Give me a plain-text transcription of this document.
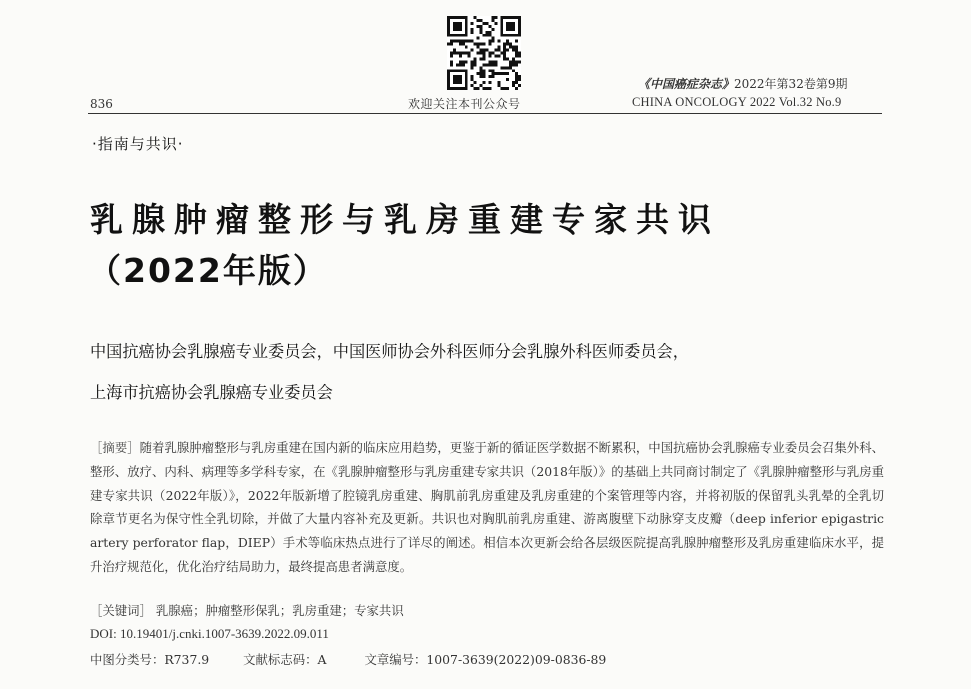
836	欢迎关注本刊公众号
《中国癌症杂志》2022年第32卷第9期
CHINA ONCOLOGY 2022 Vol.32 No.9
·指南与共识·
乳腺肿瘤整形与乳房重建专家共识
（2022年版）
中国抗癌协会乳腺癌专业委员会，中国医师协会外科医师分会乳腺外科医师委员会，
上海市抗癌协会乳腺癌专业委员会
［摘要］随着乳腺肿瘤整形与乳房重建在国内新的临床应用趋势，更鉴于新的循证医学数据不断累积，中国抗癌协会乳腺癌专业委员会召集外科、整形、放疗、内科、病理等多学科专家，在《乳腺肿瘤整形与乳房重建专家共识（2018年版）》的基础上共同商讨制定了《乳腺肿瘤整形与乳房重建专家共识（2022年版）》，2022年版新增了腔镜乳房重建、胸肌前乳房重建及乳房重建的个案管理等内容，并将初版的保留乳头乳晕的全乳切除章节更名为保守性全乳切除，并做了大量内容补充及更新。共识也对胸肌前乳房重建、游离腹壁下动脉穿支皮瓣（deep inferior epigastric artery perforator flap，DIEP）手术等临床热点进行了详尽的阐述。相信本次更新会给各层级医院提高乳腺肿瘤整形及乳房重建临床水平，提升治疗规范化，优化治疗结局助力，最终提高患者满意度。
［关键词］ 乳腺癌；肿瘤整形保乳；乳房重建；专家共识
DOI: 10.19401/j.cnki.1007-3639.2022.09.011
中图分类号：R737.9	文献标志码：A	文章编号：1007-3639(2022)09-0836-89
